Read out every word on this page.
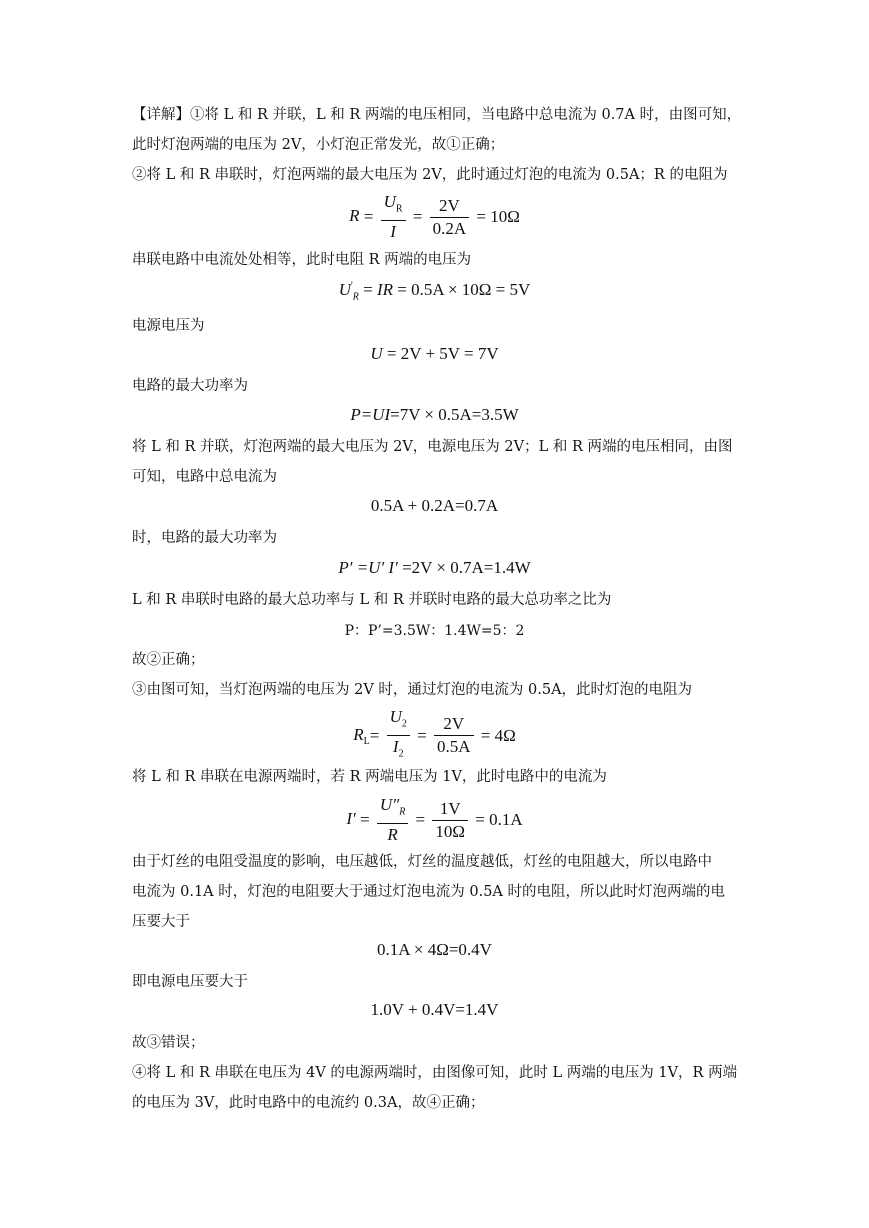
【详解】①将 L 和 R 并联，L 和 R 两端的电压相同，当电路中总电流为 0.7A 时，由图可知，
此时灯泡两端的电压为 2V，小灯泡正常发光，故①正确；
②将 L 和 R 串联时，灯泡两端的最大电压为 2V，此时通过灯泡的电流为 0.5A；R 的电阻为
$R = \frac{U_R}{I} = \frac{2V}{0.2A} = 10\Omega$
串联电路中电流处处相等，此时电阻 R 两端的电压为
$U'_R$ = IR = 0.5A × 10Ω = 5V
电源电压为
U = 2V + 5V = 7V
电路的最大功率为
P=UI=7V × 0.5A=3.5W
将 L 和 R 并联，灯泡两端的最大电压为 2V，电源电压为 2V；L 和 R 两端的电压相同，由图
可知，电路中总电流为
0.5A + 0.2A=0.7A
时，电路的最大功率为
P′ =U′ I′ =2V × 0.7A=1.4W
L 和 R 串联时电路的最大总功率与 L 和 R 并联时电路的最大总功率之比为
P：P’=3.5W：1.4W=5：2
故②正确；
③由图可知，当灯泡两端的电压为 2V 时，通过灯泡的电流为 0.5A，此时灯泡的电阻为
$R_L= \frac{U_2}{I_2} = \frac{2V}{0.5A} = 4\Omega$
将 L 和 R 串联在电源两端时，若 R 两端电压为 1V，此时电路中的电流为
$I' = \frac{U''_R}{R} = \frac{1V}{10\Omega} = 0.1A$
由于灯丝的电阻受温度的影响，电压越低，灯丝的温度越低，灯丝的电阻越大，所以电路中
电流为 0.1A 时，灯泡的电阻要大于通过灯泡电流为 0.5A 时的电阻，所以此时灯泡两端的电
压要大于
0.1A × 4Ω=0.4V
即电源电压要大于
1.0V + 0.4V=1.4V
故③错误；
④将 L 和 R 串联在电压为 4V 的电源两端时，由图像可知，此时 L 两端的电压为 1V，R 两端
的电压为 3V，此时电路中的电流约 0.3A，故④正确；
